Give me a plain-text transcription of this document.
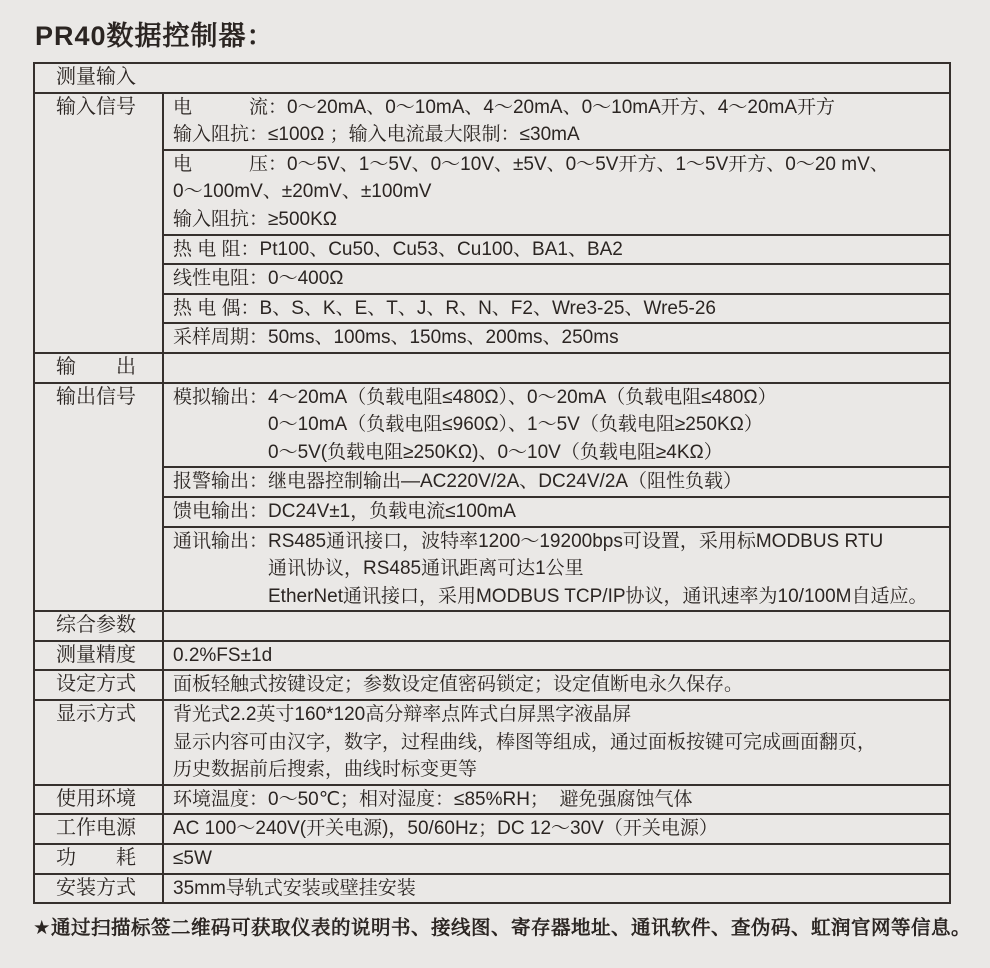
PR40数据控制器：
测量输入
输入信号	电　　　流：0～20mA、0～10mA、4～20mA、0～10mA开方、4～20mA开方
输入阻抗：≤100Ω ；输入电流最大限制：≤30mA
电　　　压：0～5V、1～5V、0～10V、±5V、0～5V开方、1～5V开方、0～20 mV、
0～100mV、±20mV、±100mV
输入阻抗：≥500KΩ
热 电 阻：Pt100、Cu50、Cu53、Cu100、BA1、BA2
线性电阻：0～400Ω
热 电 偶：B、S、K、E、T、J、R、N、F2、Wre3-25、Wre5-26
采样周期：50ms、100ms、150ms、200ms、250ms
输　　出
输出信号	模拟输出：4～20mA（负载电阻≤480Ω）、0～20mA（负载电阻≤480Ω）
　　　　　0～10mA（负载电阻≤960Ω）、1～5V（负载电阻≥250KΩ）
　　　　　0～5V(负载电阻≥250KΩ)、0～10V（负载电阻≥4KΩ）
报警输出：继电器控制输出—AC220V/2A、DC24V/2A（阻性负载）
馈电输出：DC24V±1，负载电流≤100mA
通讯输出：RS485通讯接口，波特率1200～19200bps可设置，采用标MODBUS RTU
　　　　　通讯协议，RS485通讯距离可达1公里
　　　　　EtherNet通讯接口，采用MODBUS TCP/IP协议，通讯速率为10/100M自适应。
综合参数
测量精度	0.2%FS±1d
设定方式	面板轻触式按键设定；参数设定值密码锁定；设定值断电永久保存。
显示方式	背光式2.2英寸160*120高分辩率点阵式白屏黑字液晶屏
显示内容可由汉字，数字，过程曲线，棒图等组成，通过面板按键可完成画面翻页，
历史数据前后搜索，曲线时标变更等
使用环境	环境温度：0～50℃；相对湿度：≤85%RH；  避免强腐蚀气体
工作电源	AC 100～240V(开关电源)，50/60Hz；DC 12～30V（开关电源）
功　　耗	≤5W
安装方式	35mm导轨式安装或壁挂安装
★通过扫描标签二维码可获取仪表的说明书、接线图、寄存器地址、通讯软件、查伪码、虹润官网等信息。
